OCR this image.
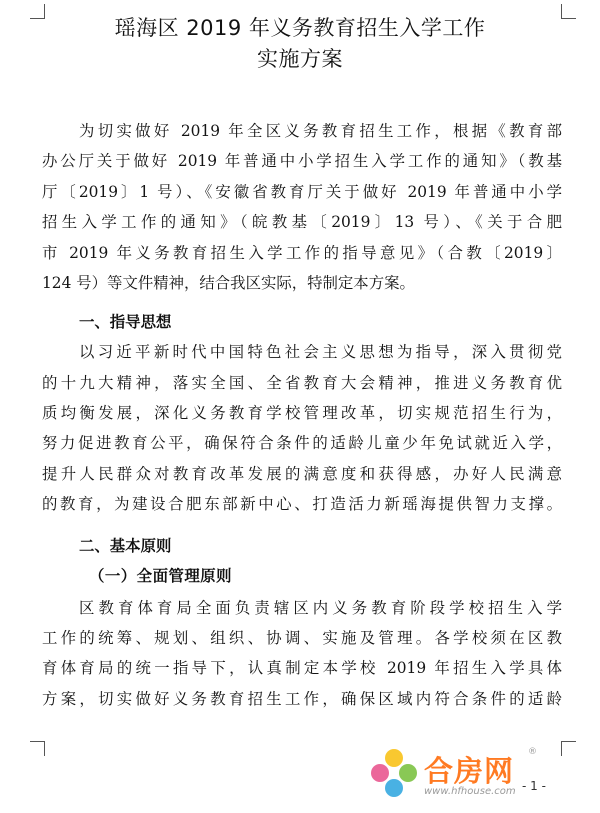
瑶海区 2019 年义务教育招生入学工作
实施方案

为切实做好 2019 年全区义务教育招生工作，根据《教育部

办公厅关于做好 2019 年普通中小学招生入学工作的通知》（教基

厅〔2019〕1 号）、《安徽省教育厅关于做好 2019 年普通中小学

招生入学工作的通知》（皖教基〔2019〕13 号）、《关于合肥

市 2019 年义务教育招生入学工作的指导意见》（合教〔2019〕

124 号）等文件精神，结合我区实际，特制定本方案。

一、指导思想

以习近平新时代中国特色社会主义思想为指导，深入贯彻党

的十九大精神，落实全国、全省教育大会精神，推进义务教育优

质均衡发展，深化义务教育学校管理改革，切实规范招生行为，

努力促进教育公平，确保符合条件的适龄儿童少年免试就近入学，

提升人民群众对教育改革发展的满意度和获得感，办好人民满意

的教育，为建设合肥东部新中心、打造活力新瑶海提供智力支撑。

二、基本原则
（一）全面管理原则

区教育体育局全面负责辖区内义务教育阶段学校招生入学

工作的统筹、规划、组织、协调、实施及管理。各学校须在区教

育体育局的统一指导下，认真制定本学校 2019 年招生入学具体

方案，切实做好义务教育招生工作，确保区域内符合条件的适龄

合房网
®
www.hfhouse.com - 1 -
